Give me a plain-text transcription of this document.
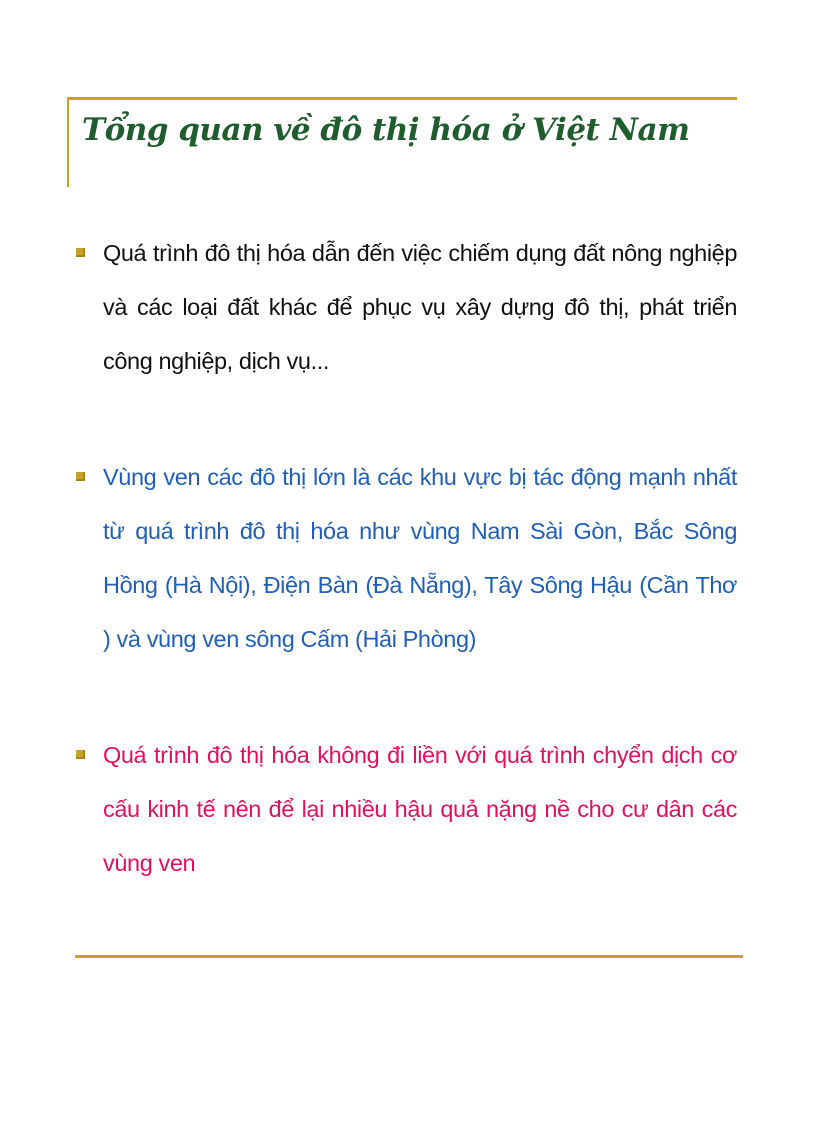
Tổng quan về đô thị hóa ở Việt Nam
Quá trình đô thị hóa dẫn đến việc chiếm dụng đất nông nghiệp và các loại đất khác để phục vụ xây dựng đô thị, phát triển công nghiệp, dịch vụ...
Vùng ven các đô thị lớn là các khu vực bị tác động mạnh nhất từ quá trình đô thị hóa như vùng Nam Sài Gòn, Bắc Sông Hồng (Hà Nội), Điện Bàn (Đà Nẵng), Tây Sông Hậu (Cần Thơ ) và vùng ven sông Cấm (Hải Phòng)
Quá trình đô thị hóa không đi liền với quá trình chyển dịch cơ cấu kinh tế nên để lại nhiều hậu quả nặng nề cho cư dân các vùng ven
